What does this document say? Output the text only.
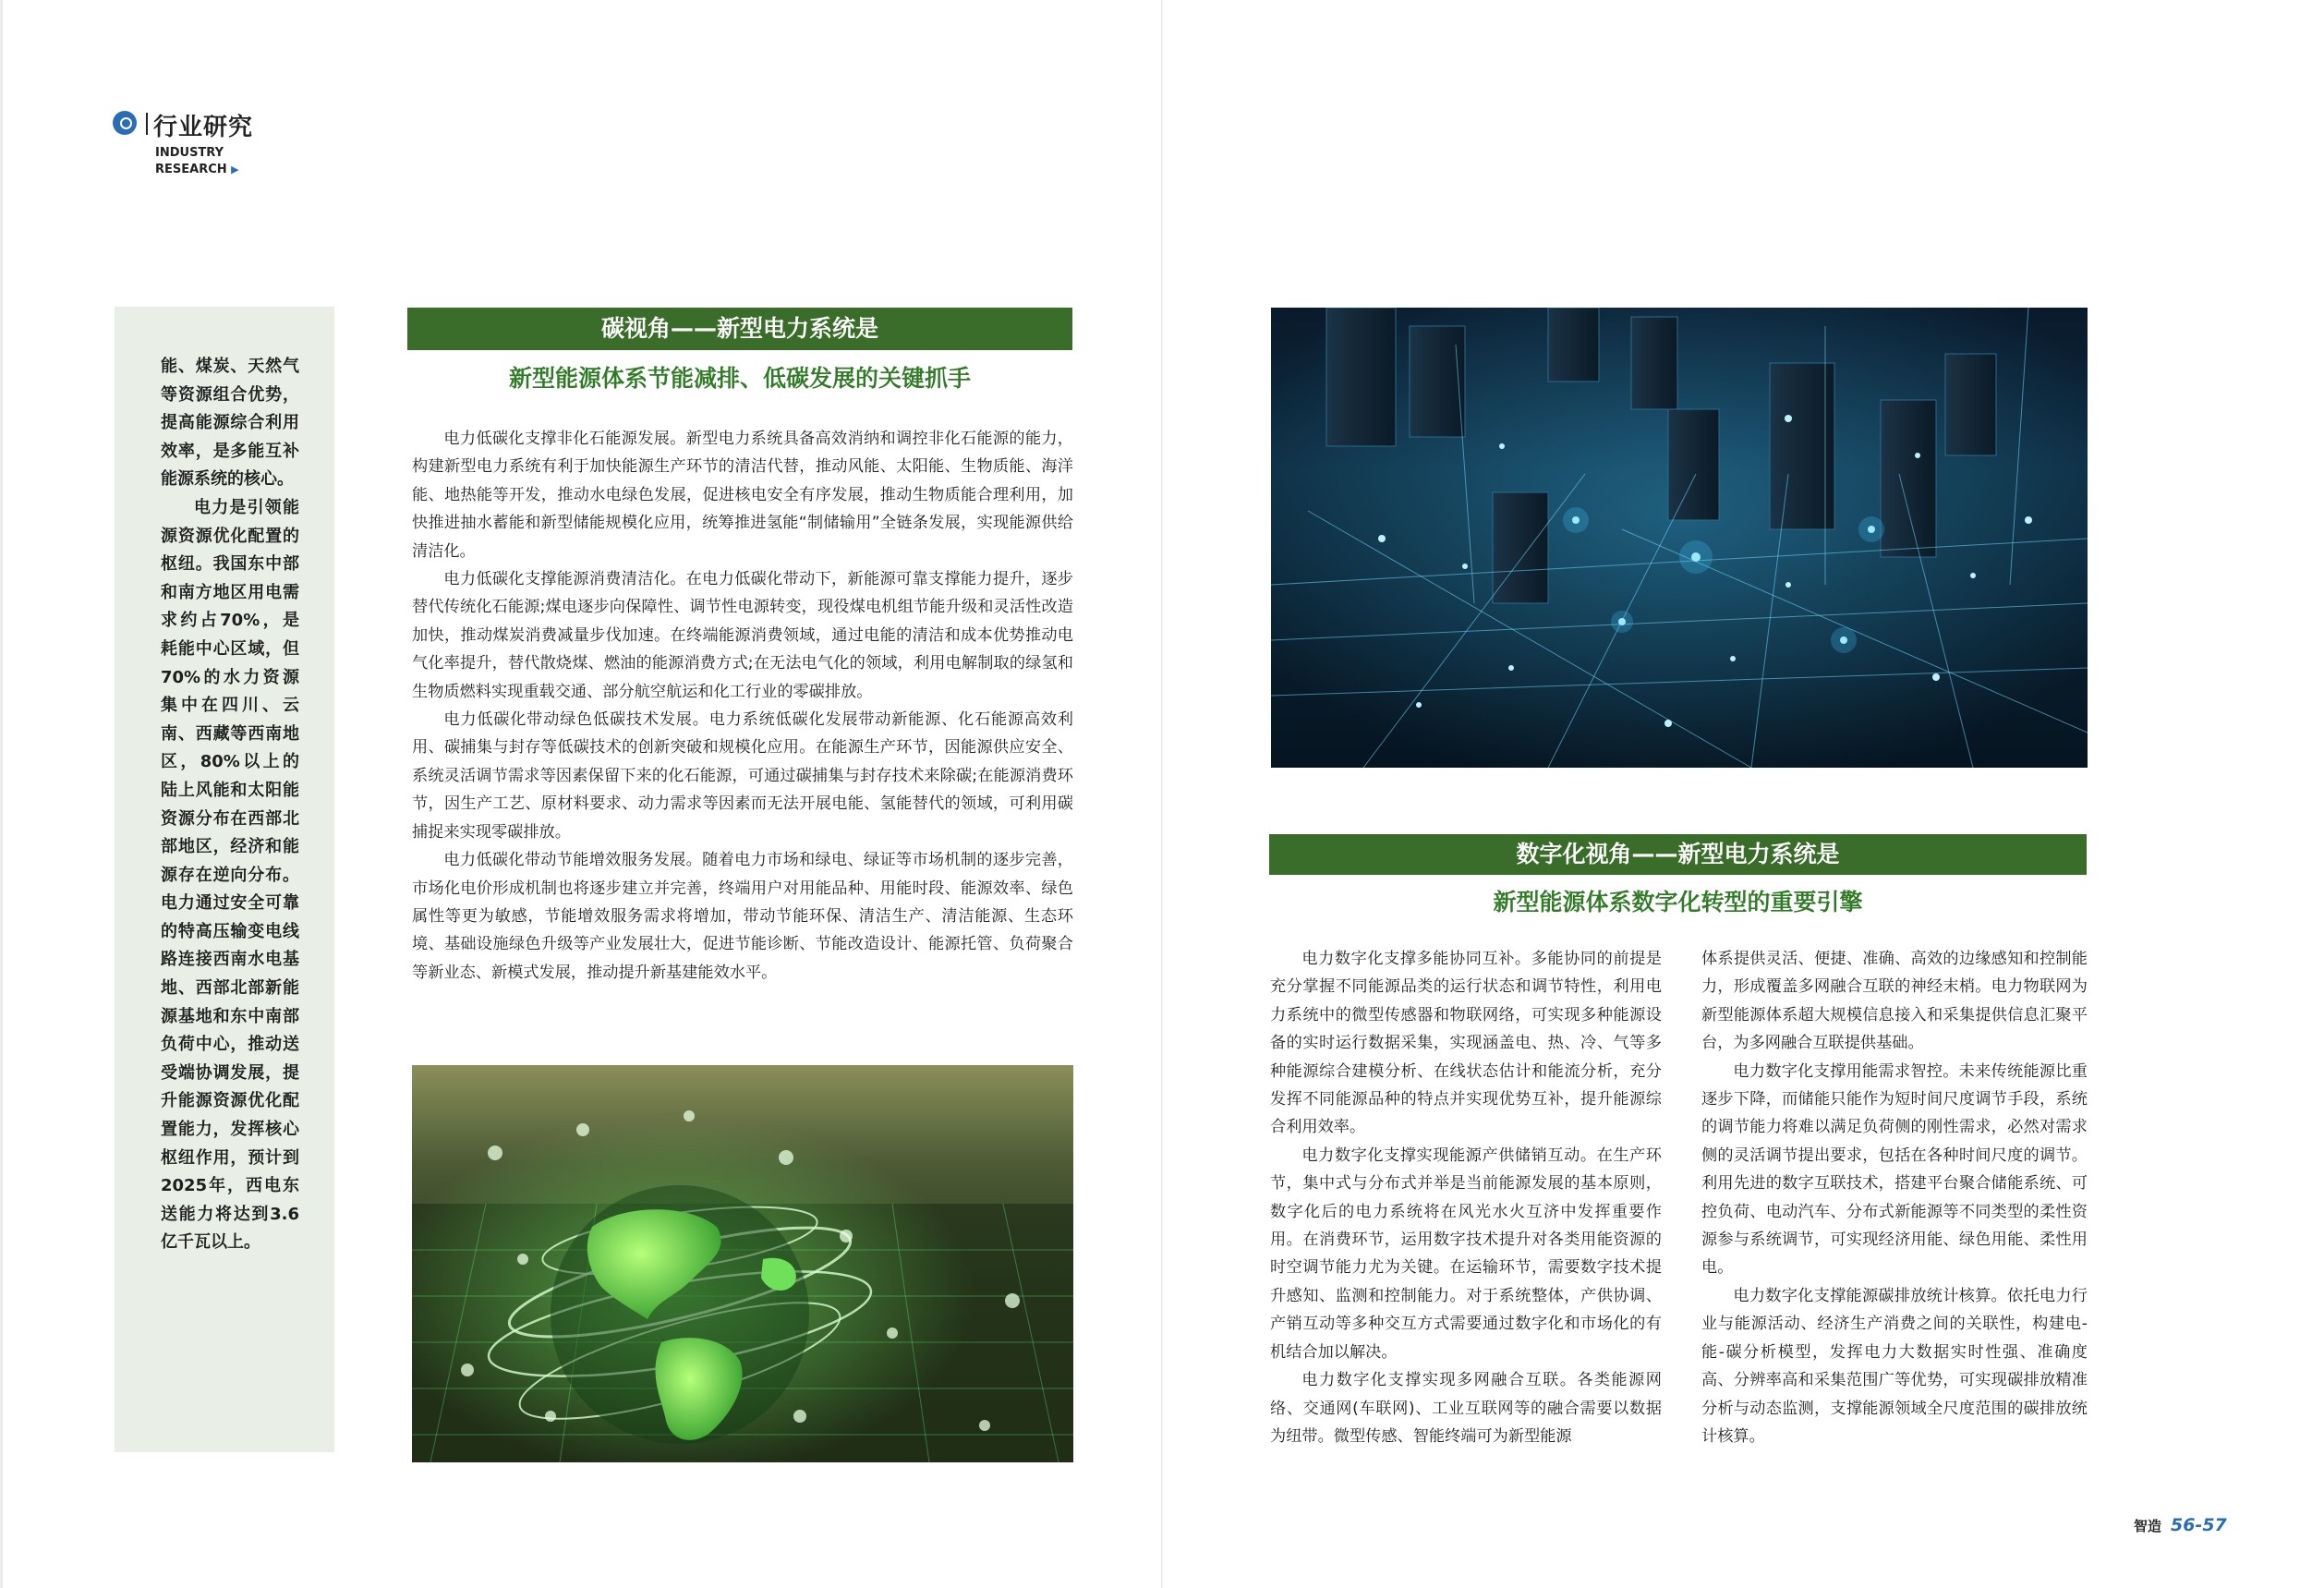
行业研究
INDUSTRY
RESEARCH ▶

能、煤炭、天然气等资源组合优势，提高能源综合利用效率，是多能互补能源系统的核心。

电力是引领能源资源优化配置的枢纽。我国东中部和南方地区用电需求约占70%，是耗能中心区域，但70%的水力资源集中在四川、云南、西藏等西南地区，80%以上的陆上风能和太阳能资源分布在西部北部地区，经济和能源存在逆向分布。电力通过安全可靠的特高压输变电线路连接西南水电基地、西部北部新能源基地和东中南部负荷中心，推动送受端协调发展，提升能源资源优化配置能力，发挥核心枢纽作用，预计到2025年，西电东送能力将达到3.6亿千瓦以上。

碳视角——新型电力系统是
新型能源体系节能减排、低碳发展的关键抓手

电力低碳化支撑非化石能源发展。新型电力系统具备高效消纳和调控非化石能源的能力，构建新型电力系统有利于加快能源生产环节的清洁代替，推动风能、太阳能、生物质能、海洋能、地热能等开发，推动水电绿色发展，促进核电安全有序发展，推动生物质能合理利用，加快推进抽水蓄能和新型储能规模化应用，统筹推进氢能“制储输用”全链条发展，实现能源供给清洁化。

电力低碳化支撑能源消费清洁化。在电力低碳化带动下，新能源可靠支撑能力提升，逐步替代传统化石能源;煤电逐步向保障性、调节性电源转变，现役煤电机组节能升级和灵活性改造加快，推动煤炭消费减量步伐加速。在终端能源消费领域，通过电能的清洁和成本优势推动电气化率提升，替代散烧煤、燃油的能源消费方式;在无法电气化的领域，利用电解制取的绿氢和生物质燃料实现重载交通、部分航空航运和化工行业的零碳排放。

电力低碳化带动绿色低碳技术发展。电力系统低碳化发展带动新能源、化石能源高效利用、碳捕集与封存等低碳技术的创新突破和规模化应用。在能源生产环节，因能源供应安全、系统灵活调节需求等因素保留下来的化石能源，可通过碳捕集与封存技术来除碳;在能源消费环节，因生产工艺、原材料要求、动力需求等因素而无法开展电能、氢能替代的领域，可利用碳捕捉来实现零碳排放。

电力低碳化带动节能增效服务发展。随着电力市场和绿电、绿证等市场机制的逐步完善，市场化电价形成机制也将逐步建立并完善，终端用户对用能品种、用能时段、能源效率、绿色属性等更为敏感，节能增效服务需求将增加，带动节能环保、清洁生产、清洁能源、生态环境、基础设施绿色升级等产业发展壮大，促进节能诊断、节能改造设计、能源托管、负荷聚合等新业态、新模式发展，推动提升新基建能效水平。

数字化视角——新型电力系统是
新型能源体系数字化转型的重要引擎

电力数字化支撑多能协同互补。多能协同的前提是充分掌握不同能源品类的运行状态和调节特性，利用电力系统中的微型传感器和物联网络，可实现多种能源设备的实时运行数据采集，实现涵盖电、热、冷、气等多种能源综合建模分析、在线状态估计和能流分析，充分发挥不同能源品种的特点并实现优势互补，提升能源综合利用效率。

电力数字化支撑实现能源产供储销互动。在生产环节，集中式与分布式并举是当前能源发展的基本原则，数字化后的电力系统将在风光水火互济中发挥重要作用。在消费环节，运用数字技术提升对各类用能资源的时空调节能力尤为关键。在运输环节，需要数字技术提升感知、监测和控制能力。对于系统整体，产供协调、产销互动等多种交互方式需要通过数字化和市场化的有机结合加以解决。

电力数字化支撑实现多网融合互联。各类能源网络、交通网(车联网)、工业互联网等的融合需要以数据为纽带。微型传感、智能终端可为新型能源

体系提供灵活、便捷、准确、高效的边缘感知和控制能力，形成覆盖多网融合互联的神经末梢。电力物联网为新型能源体系超大规模信息接入和采集提供信息汇聚平台，为多网融合互联提供基础。

电力数字化支撑用能需求智控。未来传统能源比重逐步下降，而储能只能作为短时间尺度调节手段，系统的调节能力将难以满足负荷侧的刚性需求，必然对需求侧的灵活调节提出要求，包括在各种时间尺度的调节。利用先进的数字互联技术，搭建平台聚合储能系统、可控负荷、电动汽车、分布式新能源等不同类型的柔性资源参与系统调节，可实现经济用能、绿色用能、柔性用电。

电力数字化支撑能源碳排放统计核算。依托电力行业与能源活动、经济生产消费之间的关联性，构建电-能-碳分析模型，发挥电力大数据实时性强、准确度高、分辨率高和采集范围广等优势，可实现碳排放精准分析与动态监测，支撑能源领域全尺度范围的碳排放统计核算。

智造 56-57
